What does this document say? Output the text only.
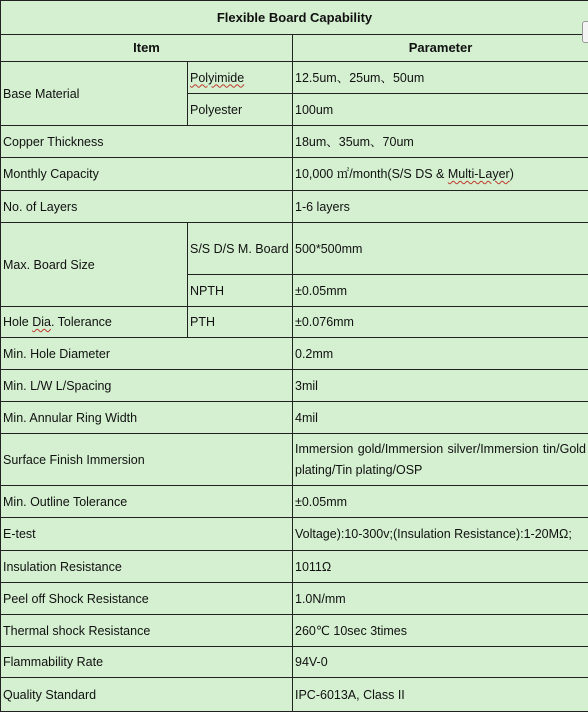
Flexible Board Capability		
Item		Parameter
Base Material	Polyimide	12.5um、25um、50um
	Polyester	100um
Copper Thickness		18um、35um、70um
Monthly Capacity		10,000 ㎡/month(S/S DS & Multi-Layer)
No. of Layers		1-6 layers
Max. Board Size	S/S D/S M. Board	500*500mm
	NPTH	±0.05mm
Hole Dia. Tolerance	PTH	±0.076mm
Min. Hole Diameter		0.2mm
Min. L/W L/Spacing		3mil
Min. Annular Ring Width		4mil
Surface Finish Immersion		Immersion gold/Immersion silver/Immersion tin/Gold plating/Tin plating/OSP
Min. Outline Tolerance		±0.05mm
E-test		Voltage):10-300v;(Insulation Resistance):1-20MΩ;
Insulation Resistance		1011Ω
Peel off Shock Resistance		1.0N/mm
Thermal shock Resistance		260℃ 10sec 3times
Flammability Rate		94V-0
Quality Standard		IPC-6013A, Class II
